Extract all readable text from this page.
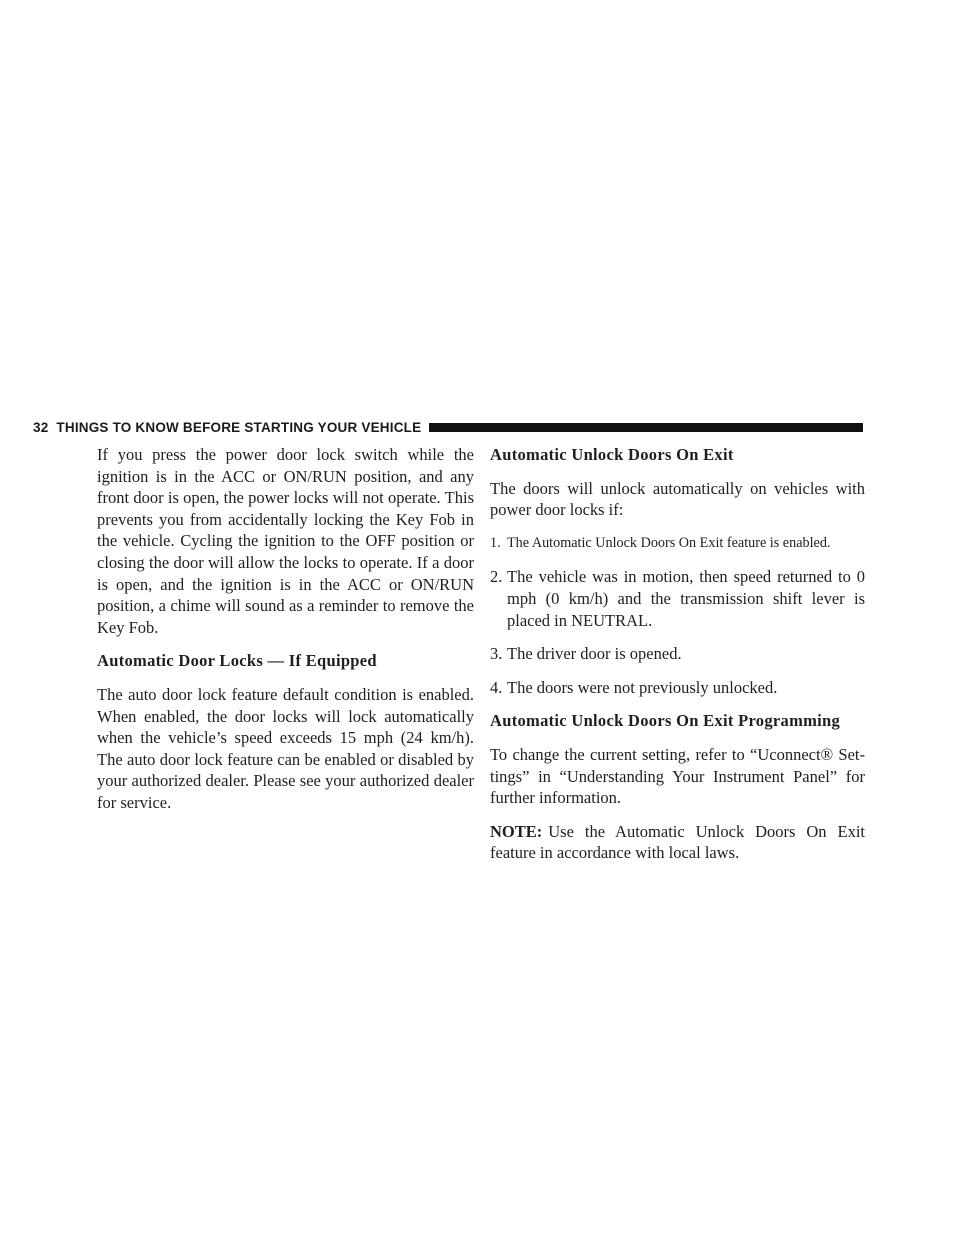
32 THINGS TO KNOW BEFORE STARTING YOUR VEHICLE

If you press the power door lock switch while the ignition is in the ACC or ON/RUN position, and any front door is open, the power locks will not operate. This prevents you from accidentally locking the Key Fob in the vehicle. Cycling the ignition to the OFF position or closing the door will allow the locks to operate. If a door is open, and the ignition is in the ACC or ON/RUN position, a chime will sound as a reminder to remove the Key Fob.

Automatic Door Locks — If Equipped

The auto door lock feature default condition is enabled. When enabled, the door locks will lock automatically when the vehicle’s speed exceeds 15 mph (24 km/h). The auto door lock feature can be enabled or disabled by your authorized dealer. Please see your authorized dealer for service.

Automatic Unlock Doors On Exit

The doors will unlock automatically on vehicles with power door locks if:

1. The Automatic Unlock Doors On Exit feature is enabled.
2. The vehicle was in motion, then speed returned to 0 mph (0 km/h) and the transmission shift lever is placed in NEUTRAL.
3. The driver door is opened.
4. The doors were not previously unlocked.

Automatic Unlock Doors On Exit Programming

To change the current setting, refer to “Uconnect® Set- tings” in “Understanding Your Instrument Panel” for further information.

NOTE: Use the Automatic Unlock Doors On Exit feature in accordance with local laws.
